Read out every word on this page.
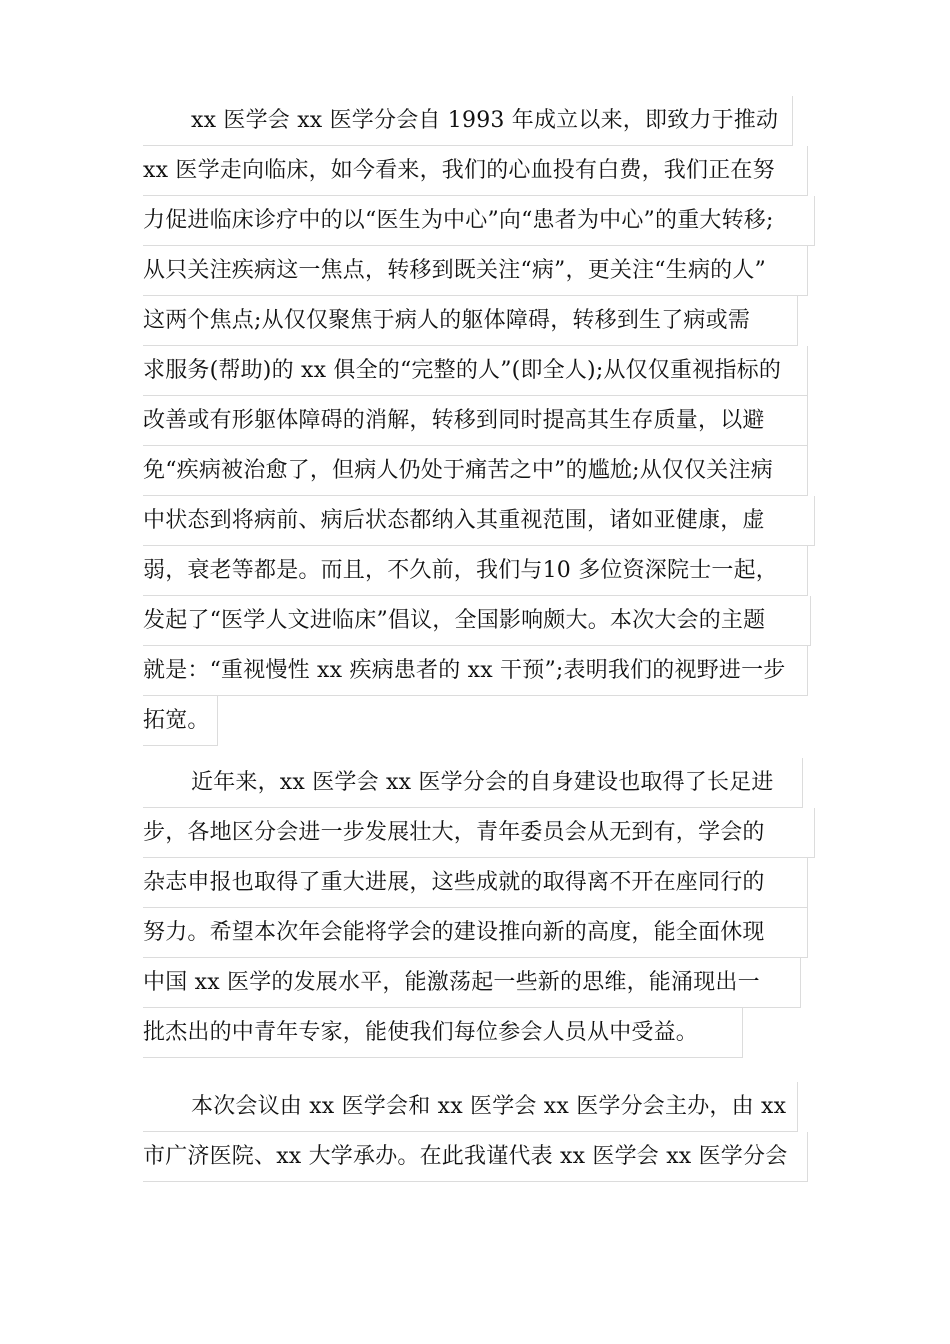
xx 医学会 xx 医学分会自 1993 年成立以来，即致力于推动
xx 医学走向临床，如今看来，我们的心血投有白费，我们正在努
力促进临床诊疗中的以“医生为中心”向“患者为中心”的重大转移;
从只关注疾病这一焦点，转移到既关注“病”，更关注“生病的人”
这两个焦点;从仅仅聚焦于病人的躯体障碍，转移到生了病或需
求服务(帮助)的 xx 俱全的“完整的人”(即全人);从仅仅重视指标的
改善或有形躯体障碍的消解，转移到同时提高其生存质量，以避
免“疾病被治愈了，但病人仍处于痛苦之中”的尴尬;从仅仅关注病
中状态到将病前、病后状态都纳入其重视范围，诸如亚健康，虚
弱，衰老等都是。而且，不久前，我们与10 多位资深院士一起，
发起了“医学人文进临床”倡议，全国影响颇大。本次大会的主题
就是：“重视慢性 xx 疾病患者的 xx 干预”;表明我们的视野进一步
拓宽。
近年来，xx 医学会 xx 医学分会的自身建设也取得了长足进
步，各地区分会进一步发展壮大，青年委员会从无到有，学会的
杂志申报也取得了重大进展，这些成就的取得离不开在座同行的
努力。希望本次年会能将学会的建设推向新的高度，能全面休现
中国 xx 医学的发展水平，能激荡起一些新的思维，能涌现出一
批杰出的中青年专家，能使我们每位参会人员从中受益。
本次会议由 xx 医学会和 xx 医学会 xx 医学分会主办，由 xx
市广济医院、xx 大学承办。在此我谨代表 xx 医学会 xx 医学分会
